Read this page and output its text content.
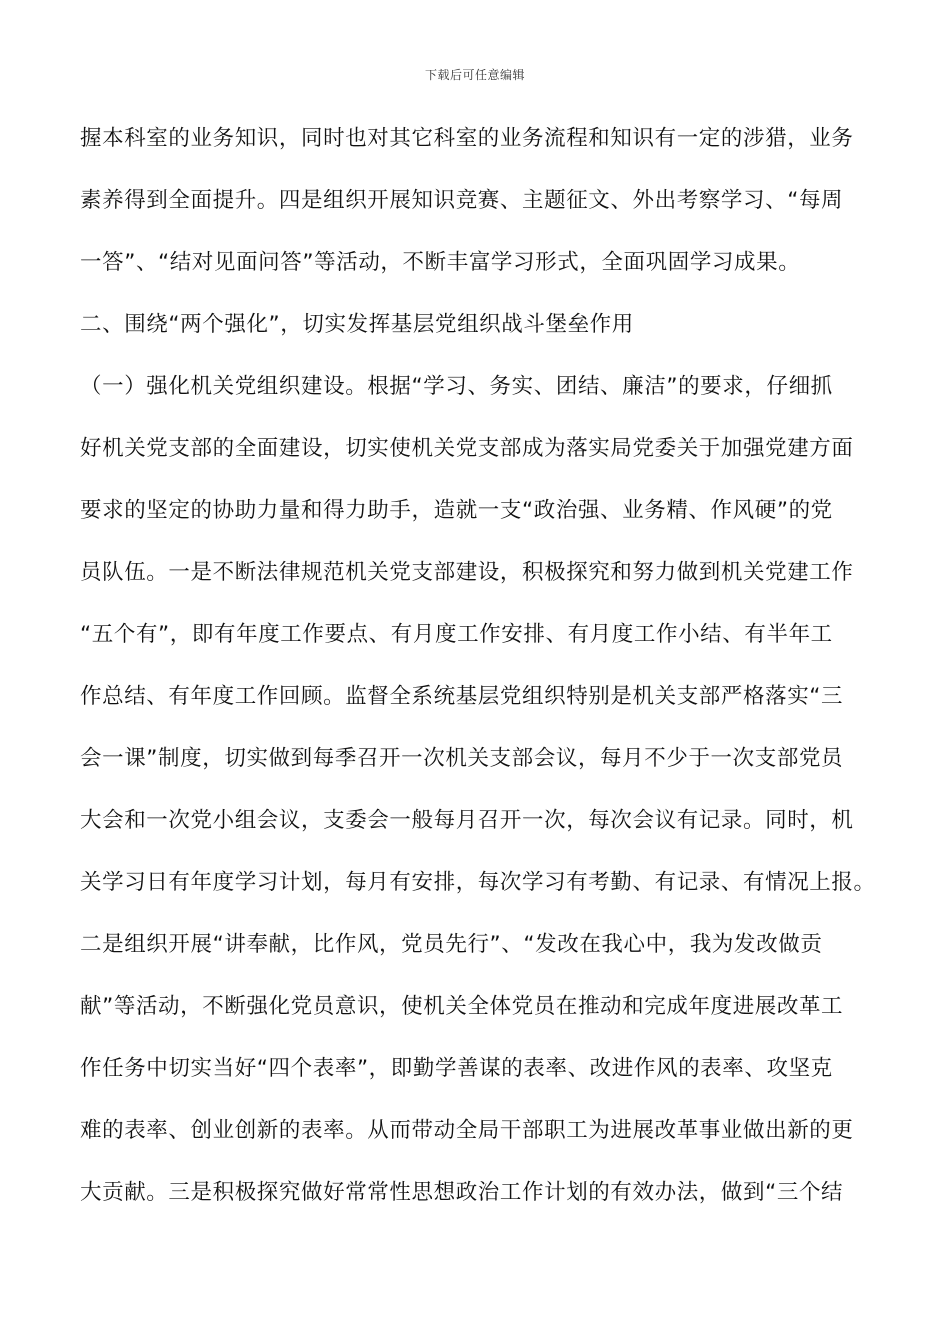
下载后可任意编辑
握本科室的业务知识，同时也对其它科室的业务流程和知识有一定的涉猎，业务
素养得到全面提升。四是组织开展知识竞赛、主题征文、外出考察学习、“每周
一答”、“结对见面问答”等活动，不断丰富学习形式，全面巩固学习成果。
二、围绕“两个强化”，切实发挥基层党组织战斗堡垒作用
（一）强化机关党组织建设。根据“学习、务实、团结、廉洁”的要求，仔细抓
好机关党支部的全面建设，切实使机关党支部成为落实局党委关于加强党建方面
要求的坚定的协助力量和得力助手，造就一支“政治强、业务精、作风硬”的党
员队伍。一是不断法律规范机关党支部建设，积极探究和努力做到机关党建工作
“五个有”，即有年度工作要点、有月度工作安排、有月度工作小结、有半年工
作总结、有年度工作回顾。监督全系统基层党组织特别是机关支部严格落实“三
会一课”制度，切实做到每季召开一次机关支部会议，每月不少于一次支部党员
大会和一次党小组会议，支委会一般每月召开一次，每次会议有记录。同时，机
关学习日有年度学习计划，每月有安排，每次学习有考勤、有记录、有情况上报。
二是组织开展“讲奉献，比作风，党员先行”、“发改在我心中，我为发改做贡
献”等活动，不断强化党员意识，使机关全体党员在推动和完成年度进展改革工
作任务中切实当好“四个表率”，即勤学善谋的表率、改进作风的表率、攻坚克
难的表率、创业创新的表率。从而带动全局干部职工为进展改革事业做出新的更
大贡献。三是积极探究做好常常性思想政治工作计划的有效办法，做到“三个结
